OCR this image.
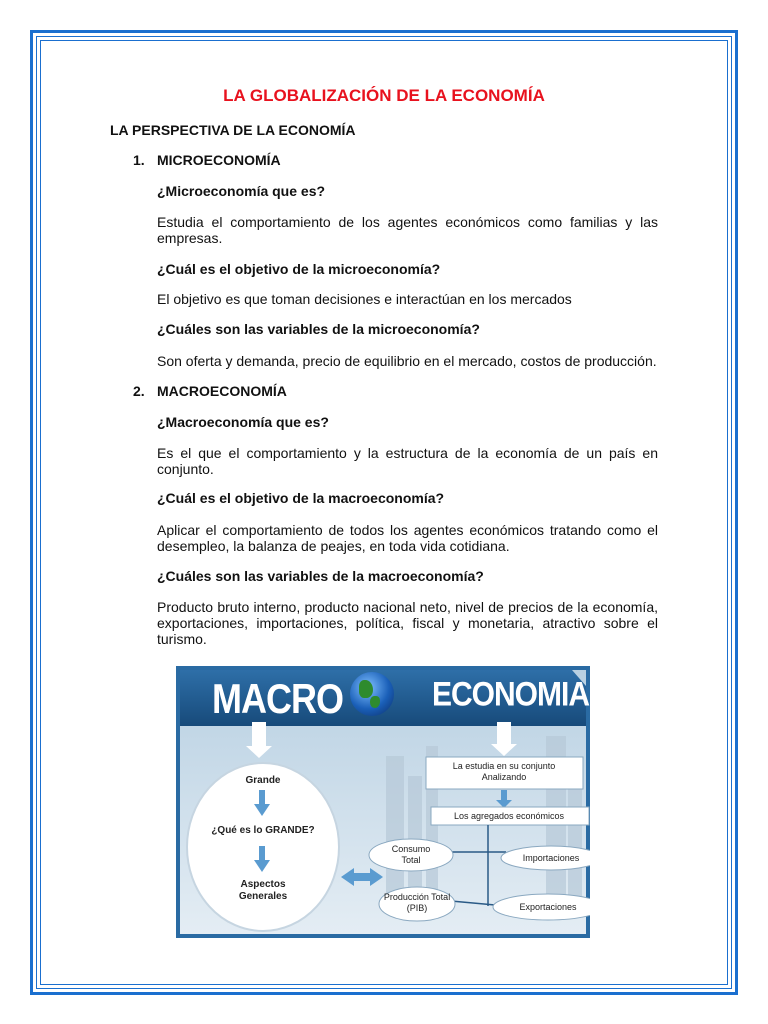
LA GLOBALIZACIÓN DE LA ECONOMÍA
LA PERSPECTIVA DE LA ECONOMÍA
1. MICROECONOMÍA
¿Microeconomía que es?
Estudia el comportamiento de los agentes económicos como familias y las empresas.
¿Cuál es el objetivo de la microeconomía?
El objetivo es que toman decisiones e interactúan en los mercados
¿Cuáles son las variables de la microeconomía?
Son oferta y demanda, precio de equilibrio en el mercado, costos de producción.
2. MACROECONOMÍA
¿Macroeconomía que es?
Es el que el comportamiento y la estructura de la economía de un país en conjunto.
¿Cuál es el objetivo de la macroeconomía?
Aplicar el comportamiento de todos los agentes económicos tratando como el desempleo, la balanza de peajes, en toda vida cotidiana.
¿Cuáles son las variables de la macroeconomía?
Producto bruto interno, producto nacional neto, nivel de precios de la economía, exportaciones, importaciones, política, fiscal y monetaria, atractivo sobre el turismo.
MACRO	ECONOMIA
Grande
¿Qué es lo GRANDE?
Aspectos Generales
La estudia en su conjunto Analizando
Los agregados económicos
Consumo Total
Producción Total (PIB)
Importaciones
Exportaciones
